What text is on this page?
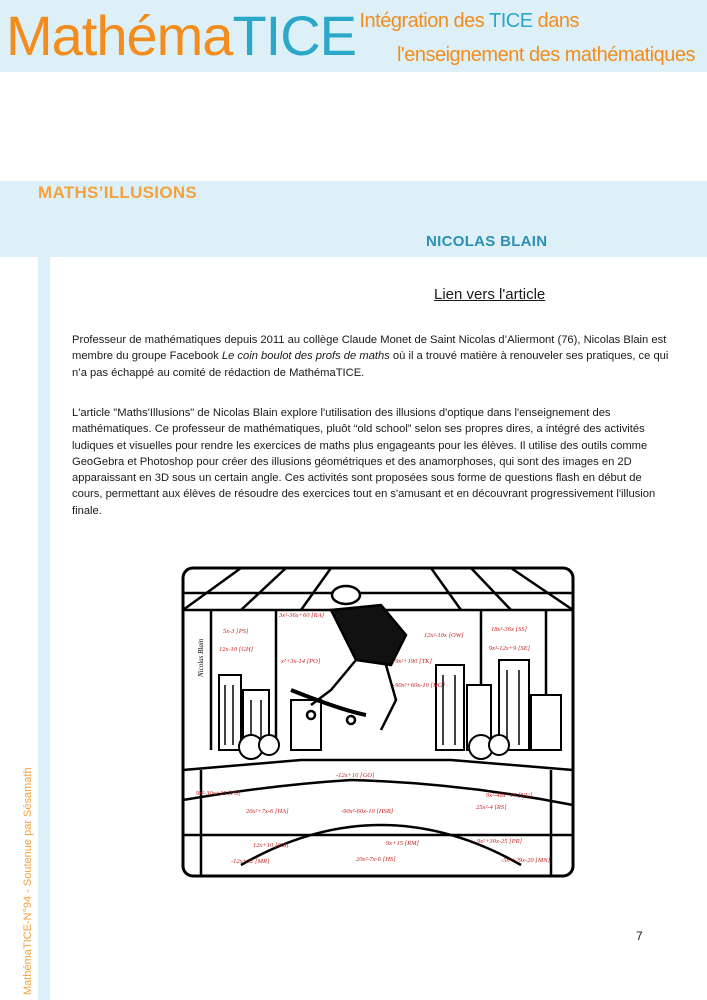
MathémaTICE Intégration des TICE dans
l'enseignement des mathématiques
MATHS’ILLUSIONS
NICOLAS BLAIN
MathémaTICE-N°94 - Soutenue par Sésamath
Lien vers l'article
Professeur de mathématiques depuis 2011 au collège Claude Monet de Saint Nicolas d’Aliermont (76), Nicolas Blain est membre du groupe Facebook Le coin boulot des profs de maths où il a trouvé matière à renouveler ses pratiques, ce qui n’a pas échappé au comité de rédaction de MathémaTICE.
L'article "Maths'Illusions" de Nicolas Blain explore l'utilisation des illusions d'optique dans l'enseignement des mathématiques. Ce professeur de mathématiques, pluôt “old school” selon ses propres dires, a intégré des activités ludiques et visuelles pour rendre les exercices de maths plus engageants pour les élèves. Il utilise des outils comme GeoGebra et Photoshop pour créer des illusions géométriques et des anamorphoses, qui sont des images en 2D apparaissant en 3D sous un certain angle. Ces activités sont proposées sous forme de questions flash en début de cours, permettant aux élèves de résoudre des exercices tout en s'amusant et en découvrant progressivement l'illusion finale.
3x²-36x+60 [RA]
5x-3 [PS]
12x-10 [GH]
x²+3x-14 [PO]
12x²-10x [OW]
18x²-36x [SS]
9x²-12x+9 [SE]
-9x²+190 [TK]
-90x²+60x-10 [HG]
-12x+10 [GO]
9x²-30x+25 [PS]
20x²+7x-6 [HA]	-90x²-60x-10 [HSB]
25x²-4 [RS]
9x²-48x+16 [NU]
12x+10 [GB]	9x+15 [RM]	9x²+30x-25 [PR]
-12x+32 [MR]	20x²-7x-6 [HS]	-5x²+29x-20 [MN]
Nicolas Blain
7
